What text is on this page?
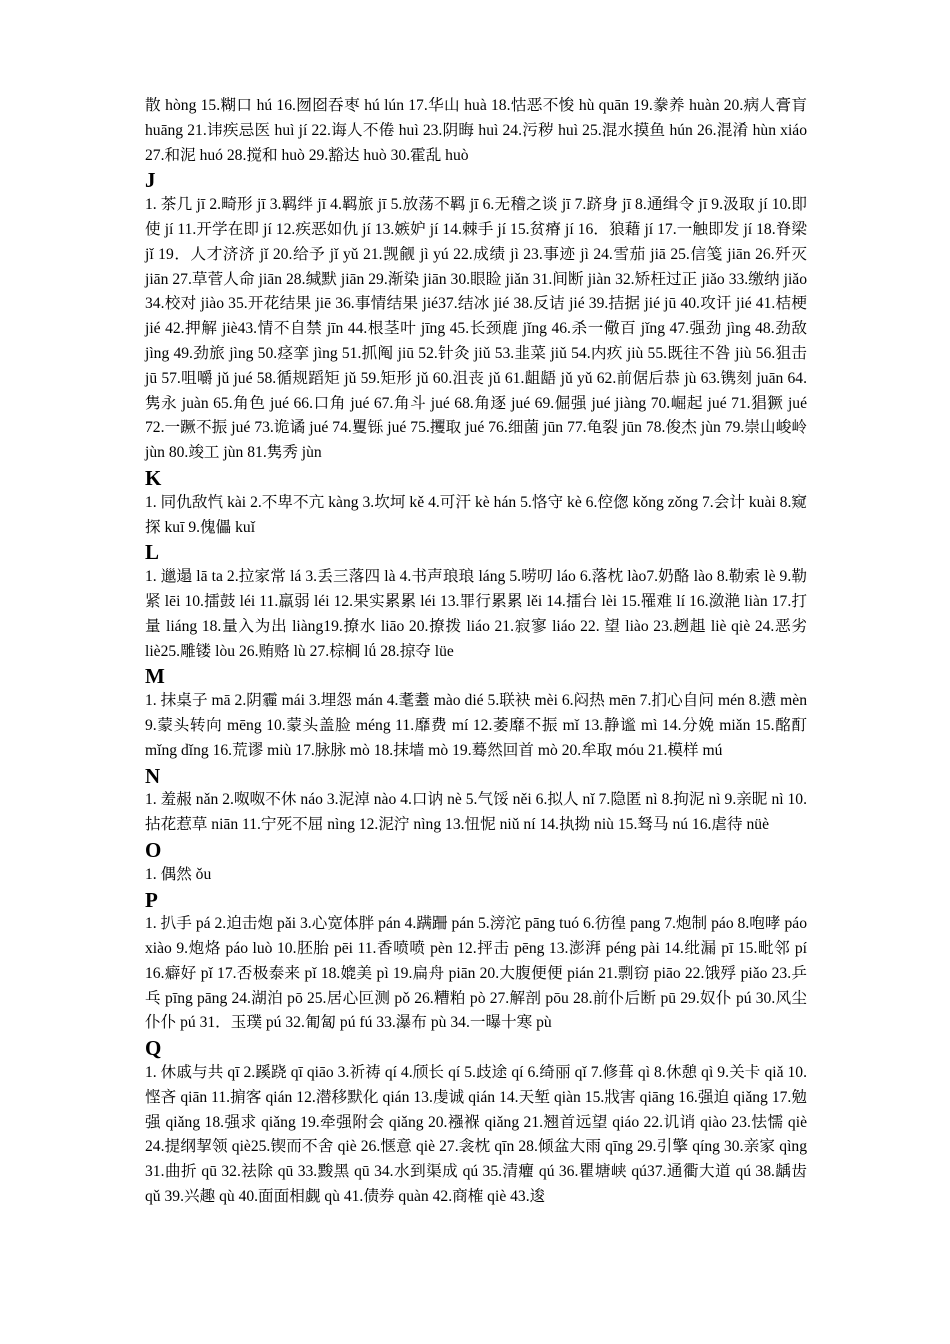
散 hòng 15.糊口 hú 16.囫囵吞枣 hú lún 17.华山 huà 18.怙恶不悛 hù quān 19.豢养 huàn 20.病人膏肓 huāng 21.讳疾忌医 huì jí 22.诲人不倦 huì 23.阴晦 huì 24.污秽 huì 25.混水摸鱼 hún 26.混淆 hùn xiáo 27.和泥 huó 28.搅和 huò 29.豁达 huò 30.霍乱 huò

J

1. 茶几 jī 2.畸形 jī 3.羁绊 jī 4.羁旅 jī 5.放荡不羁 jī 6.无稽之谈 jī 7.跻身 jī 8.通缉令 jī 9.汲取 jí 10.即使 jí 11.开学在即 jí 12.疾恶如仇 jí 13.嫉妒 jí 14.棘手 jí 15.贫瘠 jí 16．狼藉 jí 17.一触即发 jí 18.脊梁 jǐ 19．人才济济 jǐ 20.给予 jǐ yǔ 21.觊觎 jì yú 22.成绩 jì 23.事迹 jì 24.雪茄 jiā 25.信笺 jiān 26.歼灭 jiān 27.草菅人命 jiān 28.缄默 jiān 29.渐染 jiān 30.眼睑 jiǎn 31.间断 jiàn 32.矫枉过正 jiǎo 33.缴纳 jiǎo 34.校对 jiào 35.开花结果 jiē 36.事情结果 jié37.结冰 jié 38.反诘 jié 39.拮据 jié jū 40.攻讦 jié 41.桔梗 jié 42.押解 jiè43.情不自禁 jīn 44.根茎叶 jīng 45.长颈鹿 jǐng 46.杀一儆百 jǐng 47.强劲 jìng 48.劲敌 jìng 49.劲旅 jìng 50.痉挛 jìng 51.抓阄 jiū 52.针灸 jiǔ 53.韭菜 jiǔ 54.内疚 jiù 55.既往不咎 jiù 56.狙击 jū 57.咀嚼 jǔ jué 58.循规蹈矩 jǔ 59.矩形 jǔ 60.沮丧 jǔ 61.龃龉 jǔ yǔ 62.前倨后恭 jù 63.镌刻 juān 64.隽永 juàn 65.角色 jué 66.口角 jué 67.角斗 jué 68.角逐 jué 69.倔强 jué jiàng 70.崛起 jué 71.猖獗 jué 72.一蹶不振 jué 73.诡谲 jué 74.矍铄 jué 75.攫取 jué 76.细菌 jūn 77.龟裂 jūn 78.俊杰 jùn 79.崇山峻岭 jùn 80.竣工 jùn 81.隽秀 jùn

K

1. 同仇敌忾 kài 2.不卑不亢 kàng 3.坎坷 kě 4.可汗 kè hán 5.恪守 kè 6.倥偬 kǒng zǒng 7.会计 kuài 8.窥探 kuī 9.傀儡 kuǐ

L

1. 邋遢 lā ta 2.拉家常 lá 3.丢三落四 là 4.书声琅琅 láng 5.唠叨 láo 6.落枕 lào7.奶酪 lào 8.勒索 lè 9.勒紧 lēi 10.擂鼓 léi 11.羸弱 léi 12.果实累累 léi 13.罪行累累 lěi 14.擂台 lèi 15.罹难 lí 16.潋滟 liàn 17.打量 liáng 18.量入为出 liàng19.撩水 liāo 20.撩拨 liáo 21.寂寥 liáo 22. 望 liào 23.趔趄 liè qiè 24.恶劣 liè25.雕镂 lòu 26.贿赂 lù 27.棕榈 lǘ 28.掠夺 lüe

M

1. 抹桌子 mā 2.阴霾 mái 3.埋怨 mán 4.耄耋 mào dié 5.联袂 mèi 6.闷热 mēn 7.扪心自问 mén 8.懑 mèn 9.蒙头转向 mēng 10.蒙头盖脸 méng 11.靡费 mí 12.萎靡不振 mǐ 13.静谧 mì 14.分娩 miǎn 15.酩酊 mǐng dǐng 16.荒谬 miù 17.脉脉 mò 18.抹墙 mò 19.蓦然回首 mò 20.牟取 móu 21.模样 mú

N

1. 羞赧 nǎn 2.呶呶不休 náo 3.泥淖 nào 4.口讷 nè 5.气馁 něi 6.拟人 nǐ 7.隐匿 nì 8.拘泥 nì 9.亲昵 nì 10.拈花惹草 niān 11.宁死不屈 nìng 12.泥泞 nìng 13.忸怩 niǔ ní 14.执拗 niù 15.驽马 nú 16.虐待 nüè

O

1. 偶然 ǒu

P

1. 扒手 pá 2.迫击炮 pǎi 3.心宽体胖 pán 4.蹒跚 pán 5.滂沱 pāng tuó 6.彷徨 pang 7.炮制 páo 8.咆哮 páo xiào 9.炮烙 páo luò 10.胚胎 pēi 11.香喷喷 pèn 12.抨击 pēng 13.澎湃 péng pài 14.纰漏 pī 15.毗邻 pí 16.癖好 pǐ 17.否极泰来 pǐ 18.媲美 pì 19.扁舟 piān 20.大腹便便 pián 21.剽窃 piāo 22.饿殍 piǎo 23.乒乓 pīng pāng 24.湖泊 pō 25.居心叵测 pǒ 26.糟粕 pò 27.解剖 pōu 28.前仆后断 pū 29.奴仆 pú 30.风尘仆仆 pú 31．玉璞 pú 32.匍匐 pú fú 33.瀑布 pù 34.一曝十寒 pù

Q

1. 休戚与共 qī 2.蹊跷 qī qiāo 3.祈祷 qí 4.颀长 qí 5.歧途 qí 6.绮丽 qǐ 7.修葺 qì 8.休憩 qì 9.关卡 qiǎ 10.悭吝 qiān 11.掮客 qián 12.潜移默化 qián 13.虔诚 qián 14.天堑 qiàn 15.戕害 qiāng 16.强迫 qiǎng 17.勉强 qiǎng 18.强求 qiǎng 19.牵强附会 qiǎng 20.襁褓 qiǎng 21.翘首远望 qiáo 22.讥诮 qiào 23.怯懦 qiè 24.提纲挈领 qiè25.锲而不舍 qiè 26.惬意 qiè 27.衾枕 qīn 28.倾盆大雨 qīng 29.引擎 qíng 30.亲家 qìng 31.曲折 qū 32.祛除 qū 33.黢黑 qū 34.水到渠成 qú 35.清癯 qú 36.瞿塘峡 qú37.通衢大道 qú 38.龋齿 qǔ 39.兴趣 qù 40.面面相觑 qù 41.债券 quàn 42.商榷 qiè 43.逡
